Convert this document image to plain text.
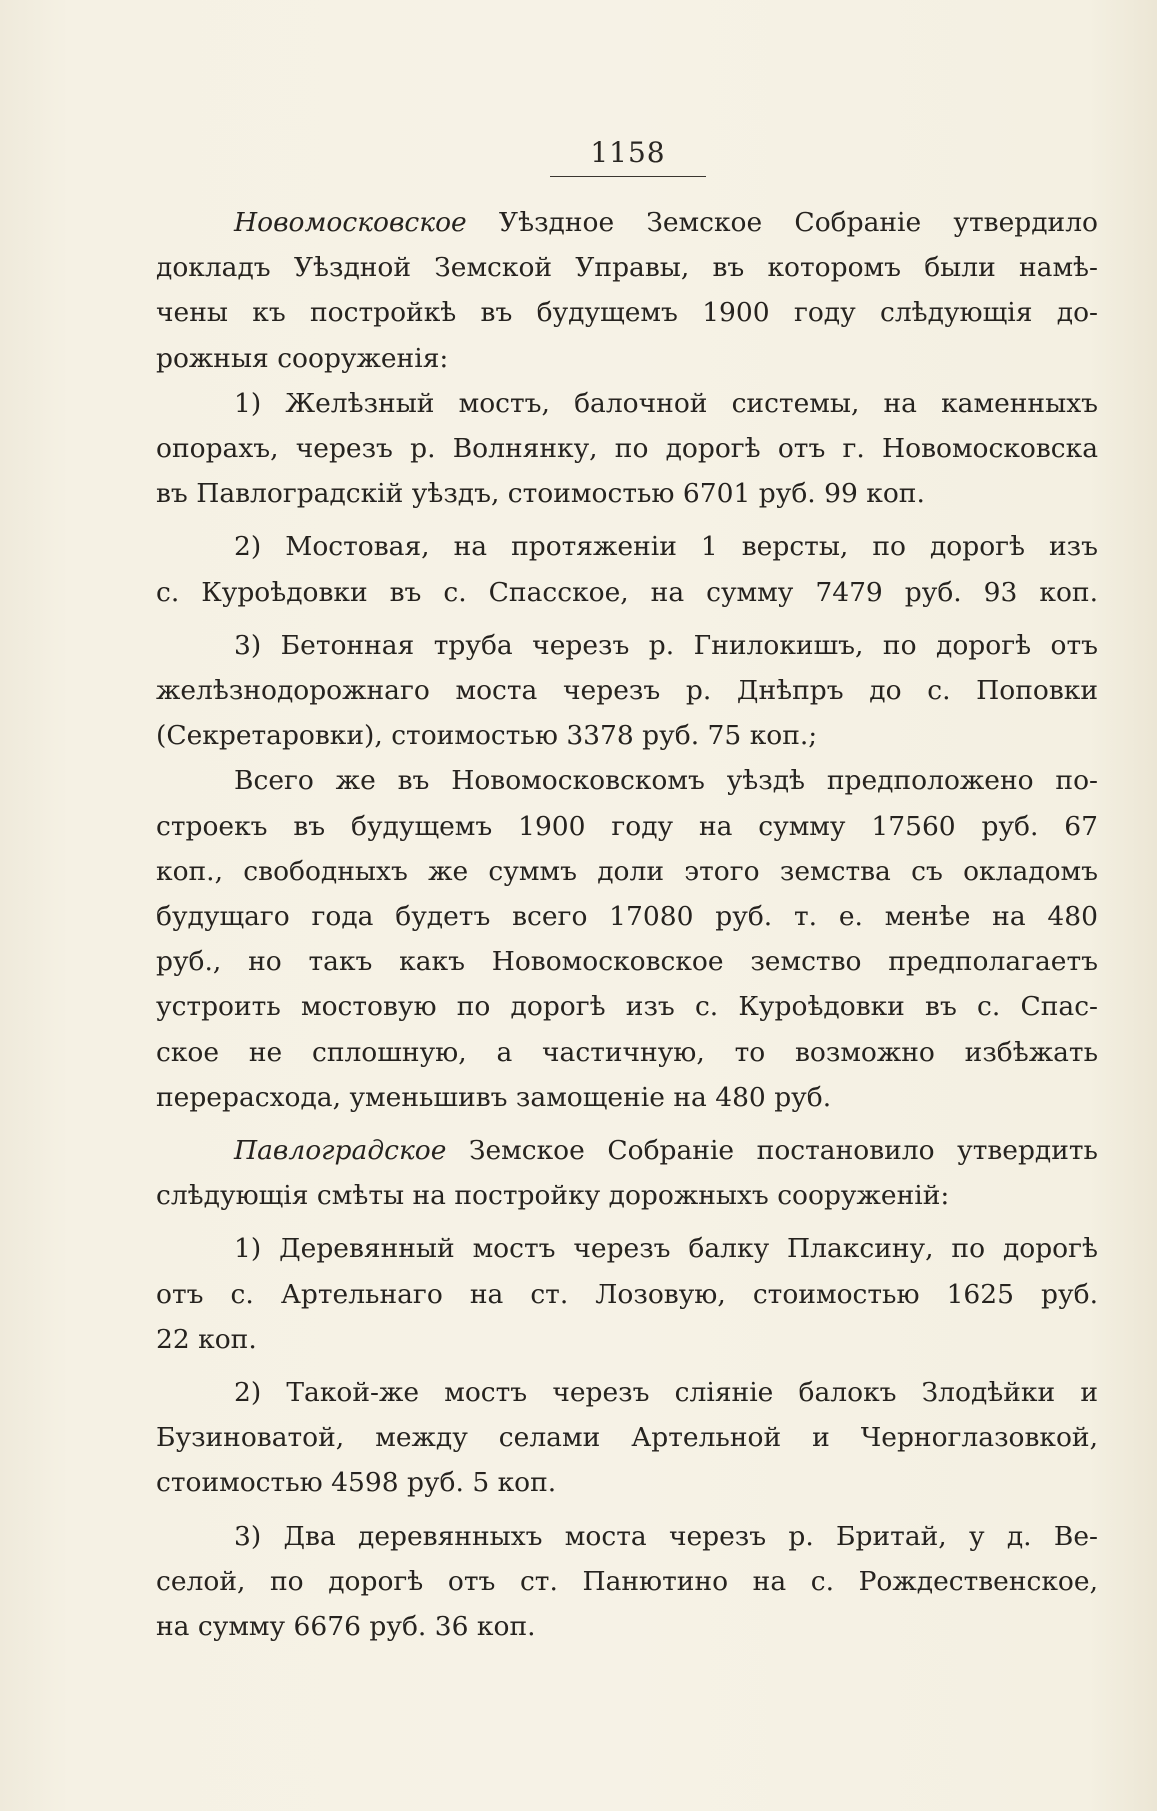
1158
Новомосковское Уѣздное Земское Собраніе утвердило
докладъ Уѣздной Земской Управы, въ которомъ были намѣ-
чены къ постройкѣ въ будущемъ 1900 году слѣдующія до-
рожныя сооруженія:
1) Желѣзный мостъ, балочной системы, на каменныхъ
опорахъ, черезъ р. Волнянку, по дорогѣ отъ г. Новомосковска
въ Павлоградскій уѣздъ, стоимостью 6701 руб. 99 коп.
2) Мостовая, на протяженіи 1 версты, по дорогѣ изъ
с. Куроѣдовки въ с. Спасское, на сумму 7479 руб. 93 коп.
3) Бетонная труба черезъ р. Гнилокишъ, по дорогѣ отъ
желѣзнодорожнаго моста черезъ р. Днѣпръ до с. Поповки
(Секретаровки), стоимостью 3378 руб. 75 коп.;
Всего же въ Новомосковскомъ уѣздѣ предположено по-
строекъ въ будущемъ 1900 году на сумму 17560 руб. 67
коп., свободныхъ же суммъ доли этого земства съ окладомъ
будущаго года будетъ всего 17080 руб. т. е. менѣе на 480
руб., но такъ какъ Новомосковское земство предполагаетъ
устроить мостовую по дорогѣ изъ с. Куроѣдовки въ с. Спас-
ское не сплошную, а частичную, то возможно избѣжать
перерасхода, уменьшивъ замощеніе на 480 руб.
Павлоградское Земское Собраніе постановило утвердить
слѣдующія смѣты на постройку дорожныхъ сооруженій:
1) Деревянный мостъ черезъ балку Плаксину, по дорогѣ
отъ с. Артельнаго на ст. Лозовую, стоимостью 1625 руб.
22 коп.
2) Такой-же мостъ черезъ сліяніе балокъ Злодѣйки и
Бузиноватой, между селами Артельной и Черноглазовкой,
стоимостью 4598 руб. 5 коп.
3) Два деревянныхъ моста черезъ р. Бритай, у д. Ве-
селой, по дорогѣ отъ ст. Панютино на с. Рождественское,
на сумму 6676 руб. 36 коп.
